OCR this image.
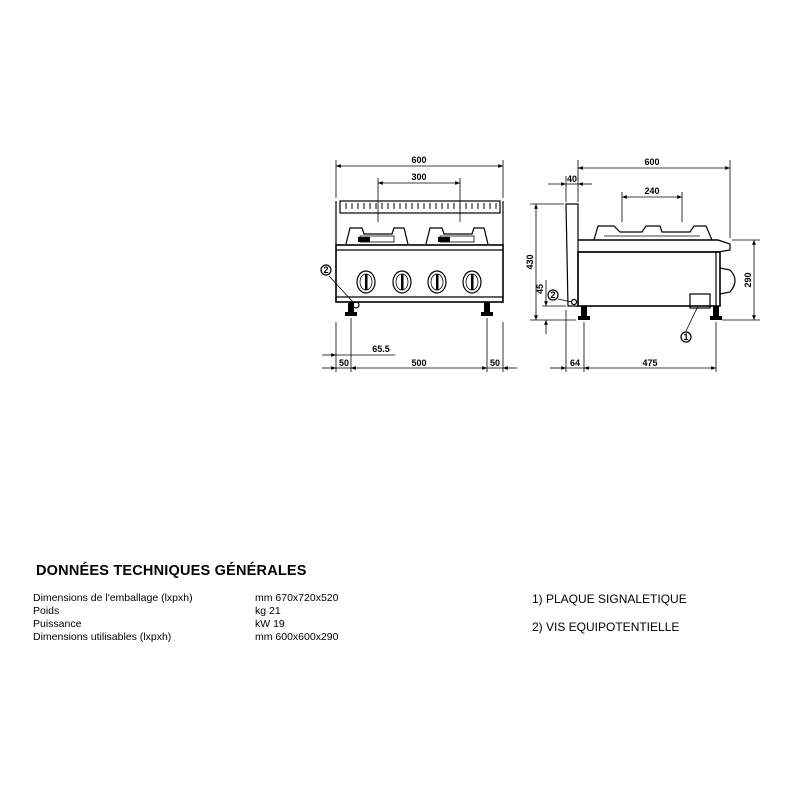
2
600
300
65.5
50	500	50
2
1
600
40
240
430
45
290
64	475
DONNÉES TECHNIQUES GÉNÉRALES
Dimensions de l'emballage (lxpxh)	mm 670x720x520
Poids	kg 21
Puissance	kW 19
Dimensions utilisables (lxpxh)	mm 600x600x290
1) PLAQUE SIGNALETIQUE
2) VIS EQUIPOTENTIELLE
